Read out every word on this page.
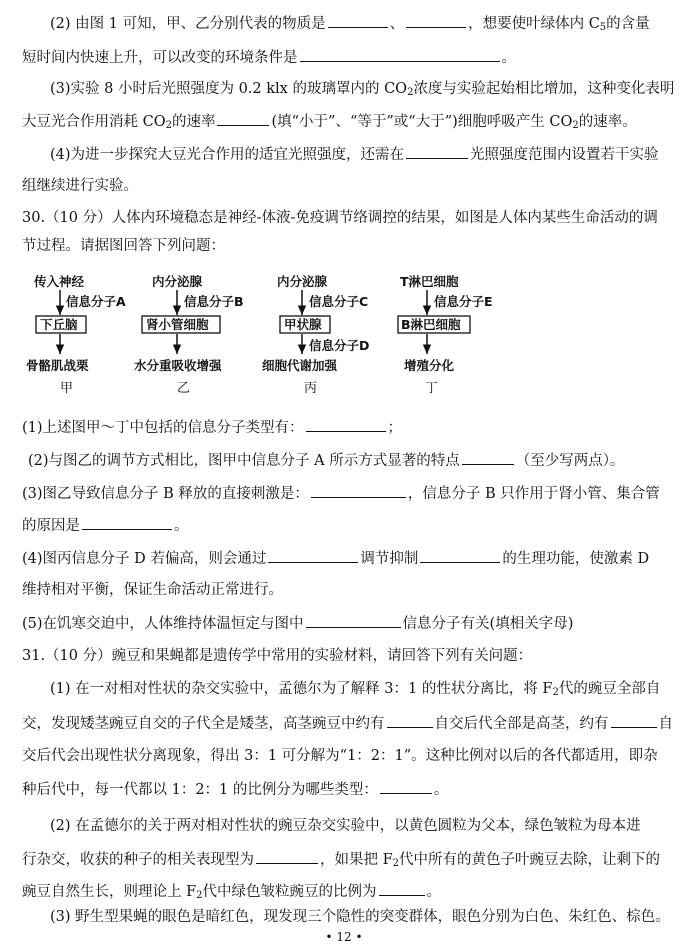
(2) 由图 1 可知，甲、乙分别代表的物质是	、	，想要使叶绿体内 $C_5$的含量
短时间内快速上升，可以改变的环境条件是	。
(3)实验 8 小时后光照强度为 0.2 klx 的玻璃罩内的 $CO_2$浓度与实验起始相比增加，这种变化表明
大豆光合作用消耗 $CO_2$的速率	(填“小于”、“等于”或“大于”)细胞呼吸产生 $CO_2$的速率。
(4)为进一步探究大豆光合作用的适宜光照强度，还需在	光照强度范围内设置若干实验
组继续进行实验。
30.（10 分）人体内环境稳态是神经-体液-免疫调节络调控的结果，如图是人体内某些生命活动的调
节过程。请据图回答下列问题：
传入神经
信息分子A
下丘脑
骨骼肌战栗
甲
内分泌腺
信息分子B
肾小管细胞
水分重吸收增强
乙
内分泌腺
信息分子C
甲状腺
信息分子D
细胞代谢加强
丙
T淋巴细胞
信息分子E
B淋巴细胞
增殖分化
丁
(1)上述图甲～丁中包括的信息分子类型有：	；
(2)与图乙的调节方式相比，图甲中信息分子 A 所示方式显著的特点	（至少写两点）。
(3)图乙导致信息分子 B 释放的直接刺激是：	，信息分子 B 只作用于肾小管、集合管
的原因是	。
(4)图丙信息分子 D 若偏高，则会通过	调节抑制	的生理功能，使激素 D
维持相对平衡，保证生命活动正常进行。
(5)在饥寒交迫中，人体维持体温恒定与图中	信息分子有关(填相关字母)
31.（10 分）豌豆和果蝇都是遗传学中常用的实验材料，请回答下列有关问题：
(1) 在一对相对性状的杂交实验中，孟德尔为了解释 3：1 的性状分离比，将 $F_2$代的豌豆全部自
交，发现矮茎豌豆自交的子代全是矮茎，高茎豌豆中约有	自交后代全部是高茎，约有	自
交后代会出现性状分离现象，得出 3：1 可分解为“1：2：1”。这种比例对以后的各代都适用，即杂
种后代中，每一代都以 1：2：1 的比例分为哪些类型：	。
(2) 在孟德尔的关于两对相对性状的豌豆杂交实验中，以黄色圆粒为父本，绿色皱粒为母本进
行杂交，收获的种子的相关表现型为	，如果把 $F_2$代中所有的黄色子叶豌豆去除，让剩下的
豌豆自然生长，则理论上 $F_2$代中绿色皱粒豌豆的比例为	。
(3) 野生型果蝇的眼色是暗红色，现发现三个隐性的突变群体，眼色分别为白色、朱红色、棕色。
• 12 •
